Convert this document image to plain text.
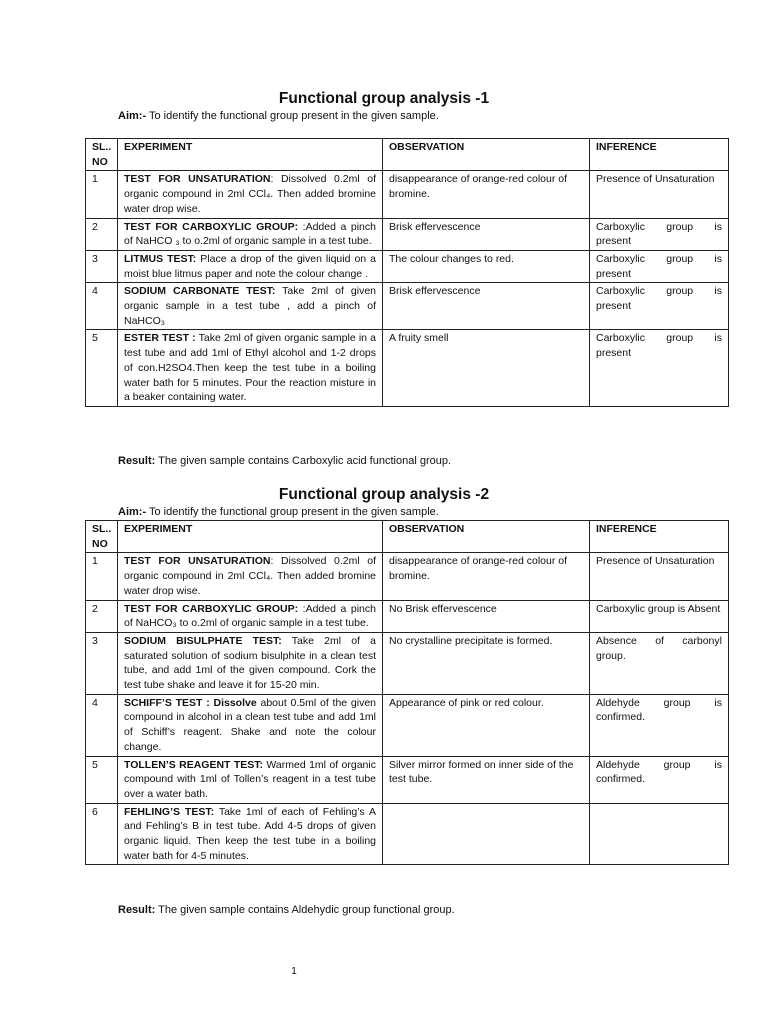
Functional group analysis -1

Aim:- To identify the functional group present in the given sample.

SL.. NO	EXPERIMENT	OBSERVATION	INFERENCE
1	TEST FOR UNSATURATION: Dissolved 0.2ml of organic compound in 2ml CCl₄. Then added bromine water drop wise.	disappearance of orange-red colour of bromine.	Presence of Unsaturation
2	TEST FOR CARBOXYLIC GROUP: :Added a pinch of NaHCO ₃ to o.2ml of organic sample in a test tube.	Brisk effervescence	Carboxylic group is present
3	LITMUS TEST: Place a drop of the given liquid on a moist blue litmus paper and note the colour change .	The colour changes to red.	Carboxylic group is present
4	SODIUM CARBONATE TEST: Take 2ml of given organic sample in a test tube , add a pinch of NaHCO₃	Brisk effervescence	Carboxylic group is present
5	ESTER TEST : Take 2ml of given organic sample in a test tube and add 1ml of Ethyl alcohol and 1-2 drops of con.H2SO4.Then keep the test tube in a boiling water bath for 5 minutes. Pour the reaction misture in a beaker containing water.	A fruity smell	Carboxylic group is present

Result: The given sample contains Carboxylic acid functional group.

Functional group analysis -2

Aim:- To identify the functional group present in the given sample.

SL.. NO	EXPERIMENT	OBSERVATION	INFERENCE
1	TEST FOR UNSATURATION: Dissolved 0.2ml of organic compound in 2ml CCl₄. Then added bromine water drop wise.	disappearance of orange-red colour of bromine.	Presence of Unsaturation
2	TEST FOR CARBOXYLIC GROUP: :Added a pinch of NaHCO₃ to o.2ml of organic sample in a test tube.	No Brisk effervescence	Carboxylic group is Absent
3	SODIUM BISULPHATE TEST: Take 2ml of a saturated solution of sodium bisulphite in a clean test tube, and add 1ml of the given compound. Cork the test tube shake and leave it for 15-20 min.	No crystalline precipitate is formed.	Absence of carbonyl group.
4	SCHIFF’S TEST : Dissolve about 0.5ml of the given compound in alcohol in a clean test tube and add 1ml of Schiff’s reagent. Shake and note the colour change.	Appearance of pink or red colour.	Aldehyde group is confirmed.
5	TOLLEN’S REAGENT TEST: Warmed 1ml of organic compound with 1ml of Tollen’s reagent in a test tube over a water bath.	Silver mirror formed on inner side of the test tube.	Aldehyde group is confirmed.
6	FEHLING’S TEST: Take 1ml of each of Fehling’s A and Fehling’s B in test tube. Add 4-5 drops of given organic liquid. Then keep the test tube in a boiling water bath for 4-5 minutes.		

Result: The given sample contains Aldehydic group functional group.

1
